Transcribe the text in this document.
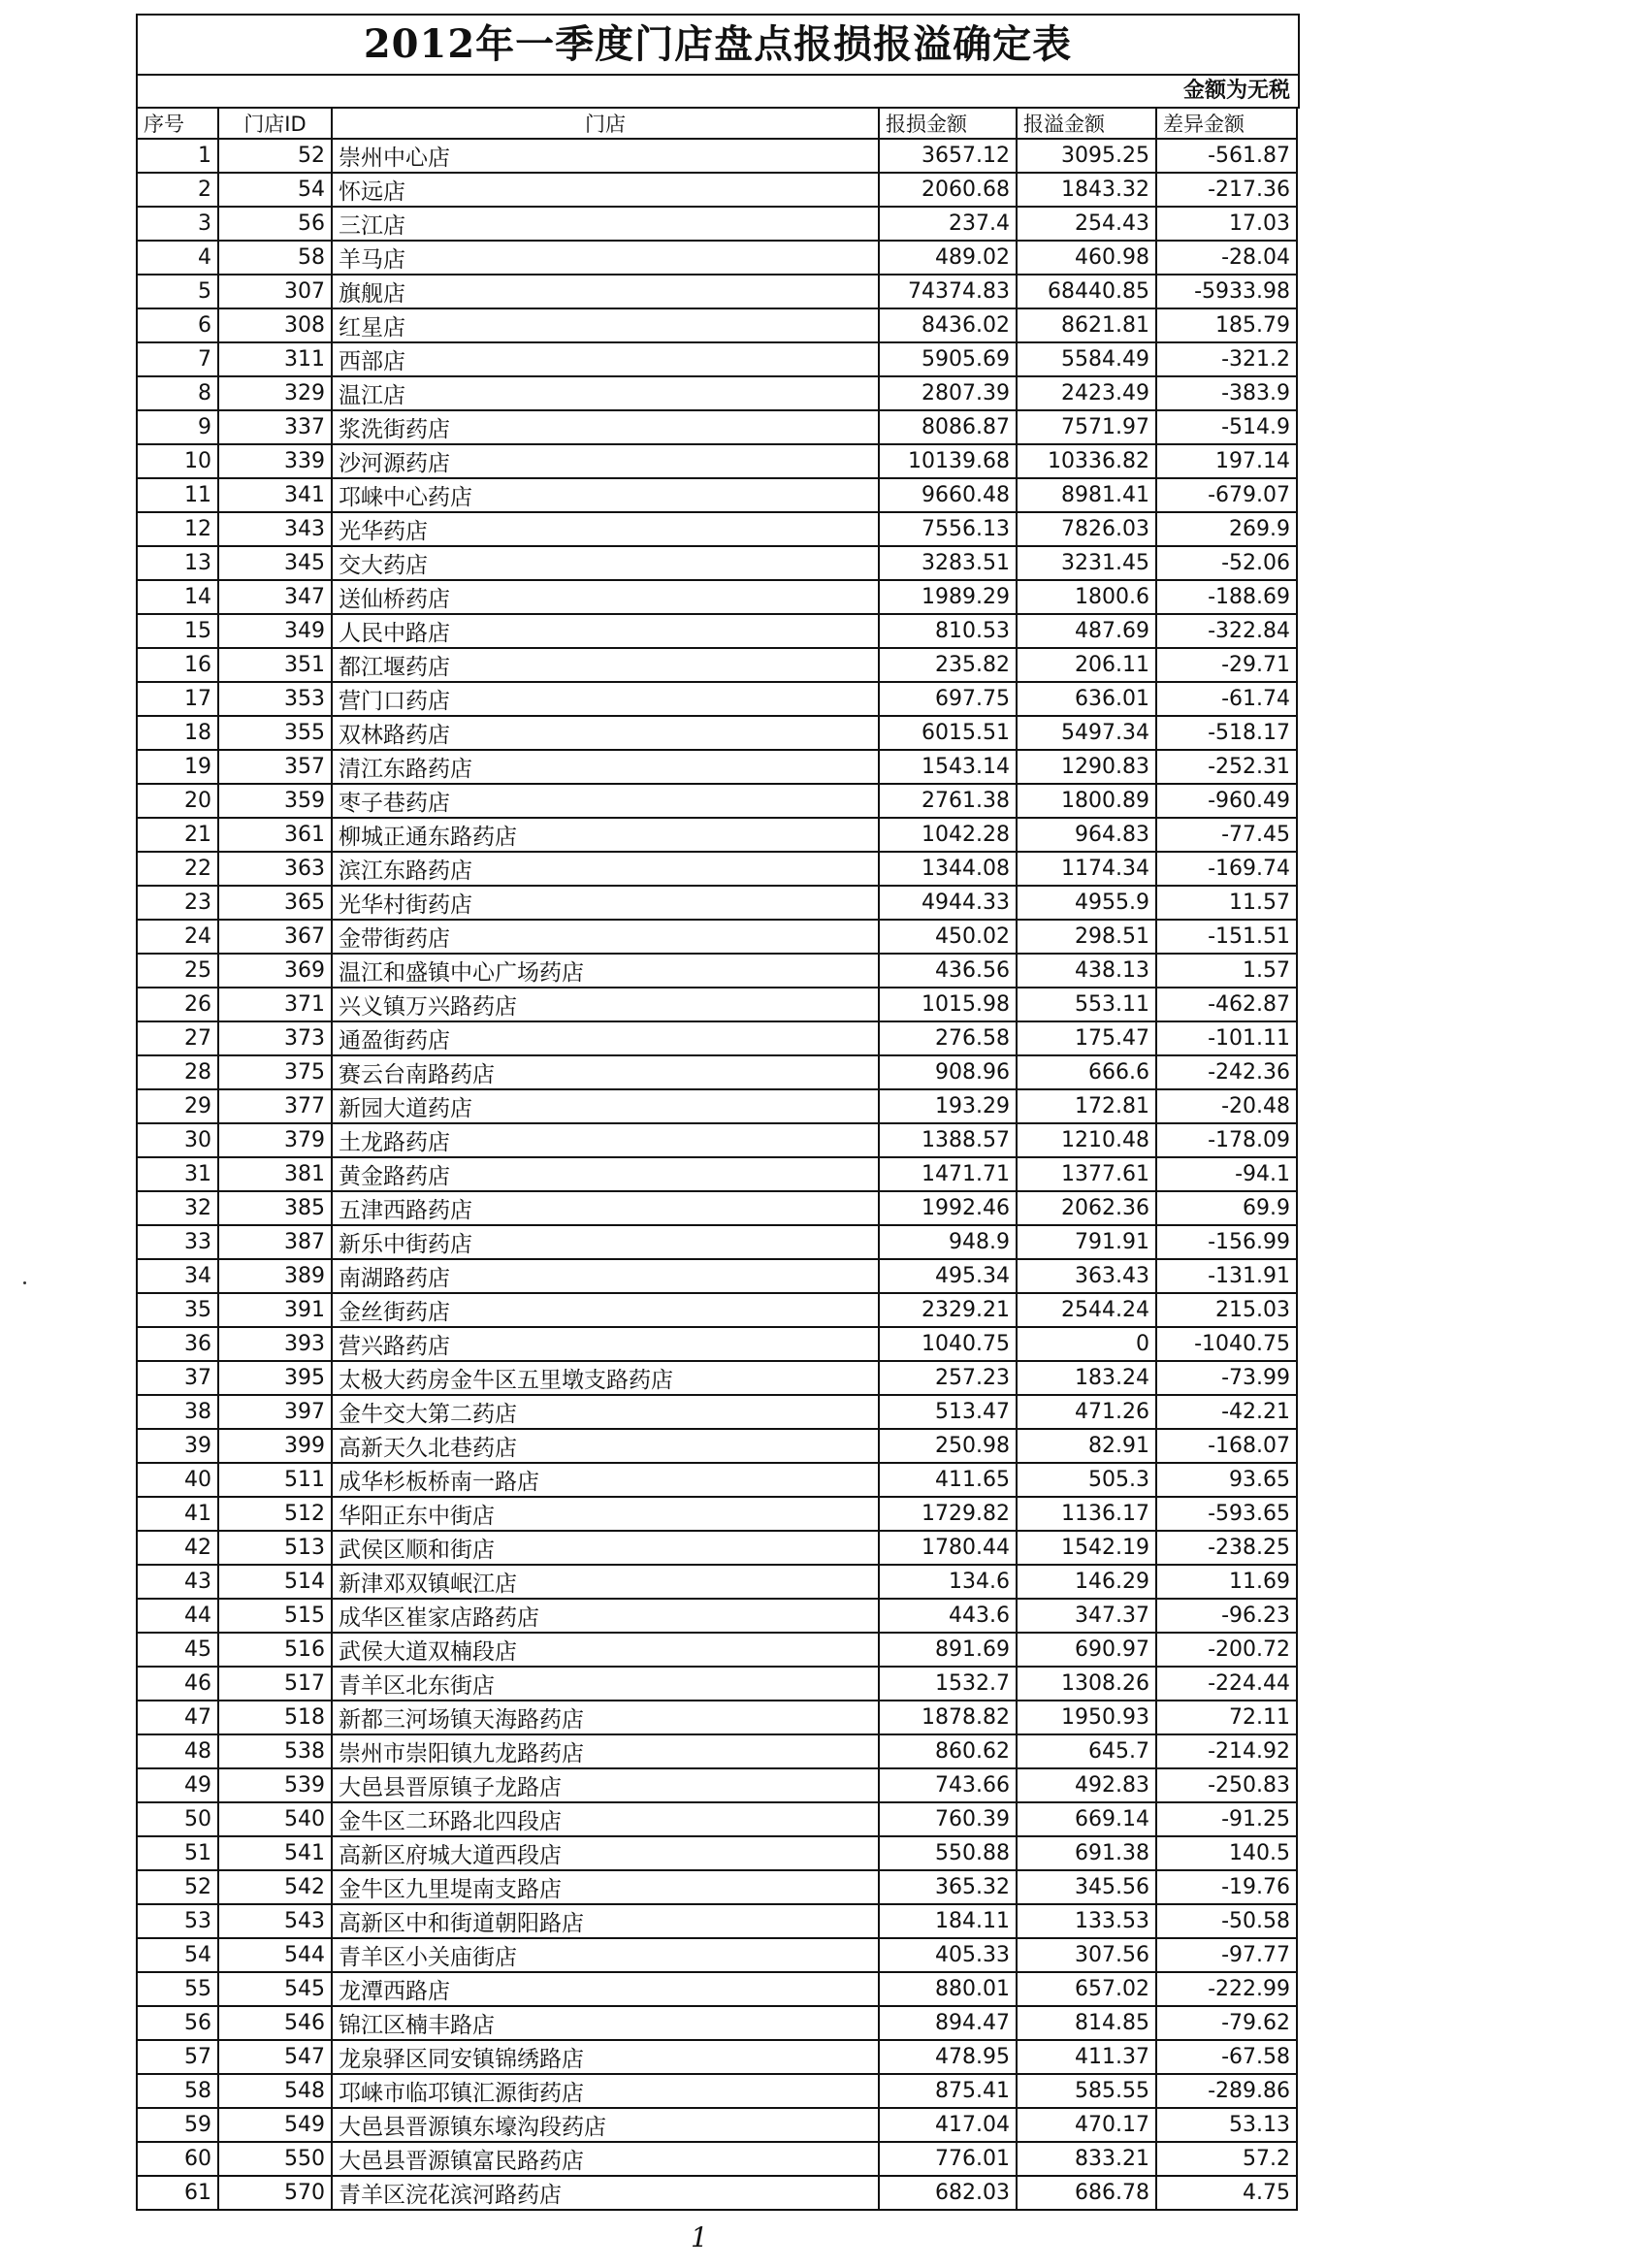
2012年一季度门店盘点报损报溢确定表
金额为无税
序号	门店ID	门店	报损金额	报溢金额	差异金额
1	52	崇州中心店	3657.12	3095.25	-561.87
2	54	怀远店	2060.68	1843.32	-217.36
3	56	三江店	237.4	254.43	17.03
4	58	羊马店	489.02	460.98	-28.04
5	307	旗舰店	74374.83	68440.85	-5933.98
6	308	红星店	8436.02	8621.81	185.79
7	311	西部店	5905.69	5584.49	-321.2
8	329	温江店	2807.39	2423.49	-383.9
9	337	浆洗街药店	8086.87	7571.97	-514.9
10	339	沙河源药店	10139.68	10336.82	197.14
11	341	邛崃中心药店	9660.48	8981.41	-679.07
12	343	光华药店	7556.13	7826.03	269.9
13	345	交大药店	3283.51	3231.45	-52.06
14	347	送仙桥药店	1989.29	1800.6	-188.69
15	349	人民中路店	810.53	487.69	-322.84
16	351	都江堰药店	235.82	206.11	-29.71
17	353	营门口药店	697.75	636.01	-61.74
18	355	双林路药店	6015.51	5497.34	-518.17
19	357	清江东路药店	1543.14	1290.83	-252.31
20	359	枣子巷药店	2761.38	1800.89	-960.49
21	361	柳城正通东路药店	1042.28	964.83	-77.45
22	363	滨江东路药店	1344.08	1174.34	-169.74
23	365	光华村街药店	4944.33	4955.9	11.57
24	367	金带街药店	450.02	298.51	-151.51
25	369	温江和盛镇中心广场药店	436.56	438.13	1.57
26	371	兴义镇万兴路药店	1015.98	553.11	-462.87
27	373	通盈街药店	276.58	175.47	-101.11
28	375	赛云台南路药店	908.96	666.6	-242.36
29	377	新园大道药店	193.29	172.81	-20.48
30	379	土龙路药店	1388.57	1210.48	-178.09
31	381	黄金路药店	1471.71	1377.61	-94.1
32	385	五津西路药店	1992.46	2062.36	69.9
33	387	新乐中街药店	948.9	791.91	-156.99
34	389	南湖路药店	495.34	363.43	-131.91
35	391	金丝街药店	2329.21	2544.24	215.03
36	393	营兴路药店	1040.75	0	-1040.75
37	395	太极大药房金牛区五里墩支路药店	257.23	183.24	-73.99
38	397	金牛交大第二药店	513.47	471.26	-42.21
39	399	高新天久北巷药店	250.98	82.91	-168.07
40	511	成华杉板桥南一路店	411.65	505.3	93.65
41	512	华阳正东中街店	1729.82	1136.17	-593.65
42	513	武侯区顺和街店	1780.44	1542.19	-238.25
43	514	新津邓双镇岷江店	134.6	146.29	11.69
44	515	成华区崔家店路药店	443.6	347.37	-96.23
45	516	武侯大道双楠段店	891.69	690.97	-200.72
46	517	青羊区北东街店	1532.7	1308.26	-224.44
47	518	新都三河场镇天海路药店	1878.82	1950.93	72.11
48	538	崇州市崇阳镇九龙路药店	860.62	645.7	-214.92
49	539	大邑县晋原镇子龙路店	743.66	492.83	-250.83
50	540	金牛区二环路北四段店	760.39	669.14	-91.25
51	541	高新区府城大道西段店	550.88	691.38	140.5
52	542	金牛区九里堤南支路店	365.32	345.56	-19.76
53	543	高新区中和街道朝阳路店	184.11	133.53	-50.58
54	544	青羊区小关庙街店	405.33	307.56	-97.77
55	545	龙潭西路店	880.01	657.02	-222.99
56	546	锦江区楠丰路店	894.47	814.85	-79.62
57	547	龙泉驿区同安镇锦绣路店	478.95	411.37	-67.58
58	548	邛崃市临邛镇汇源街药店	875.41	585.55	-289.86
59	549	大邑县晋源镇东壕沟段药店	417.04	470.17	53.13
60	550	大邑县晋源镇富民路药店	776.01	833.21	57.2
61	570	青羊区浣花滨河路药店	682.03	686.78	4.75
1
